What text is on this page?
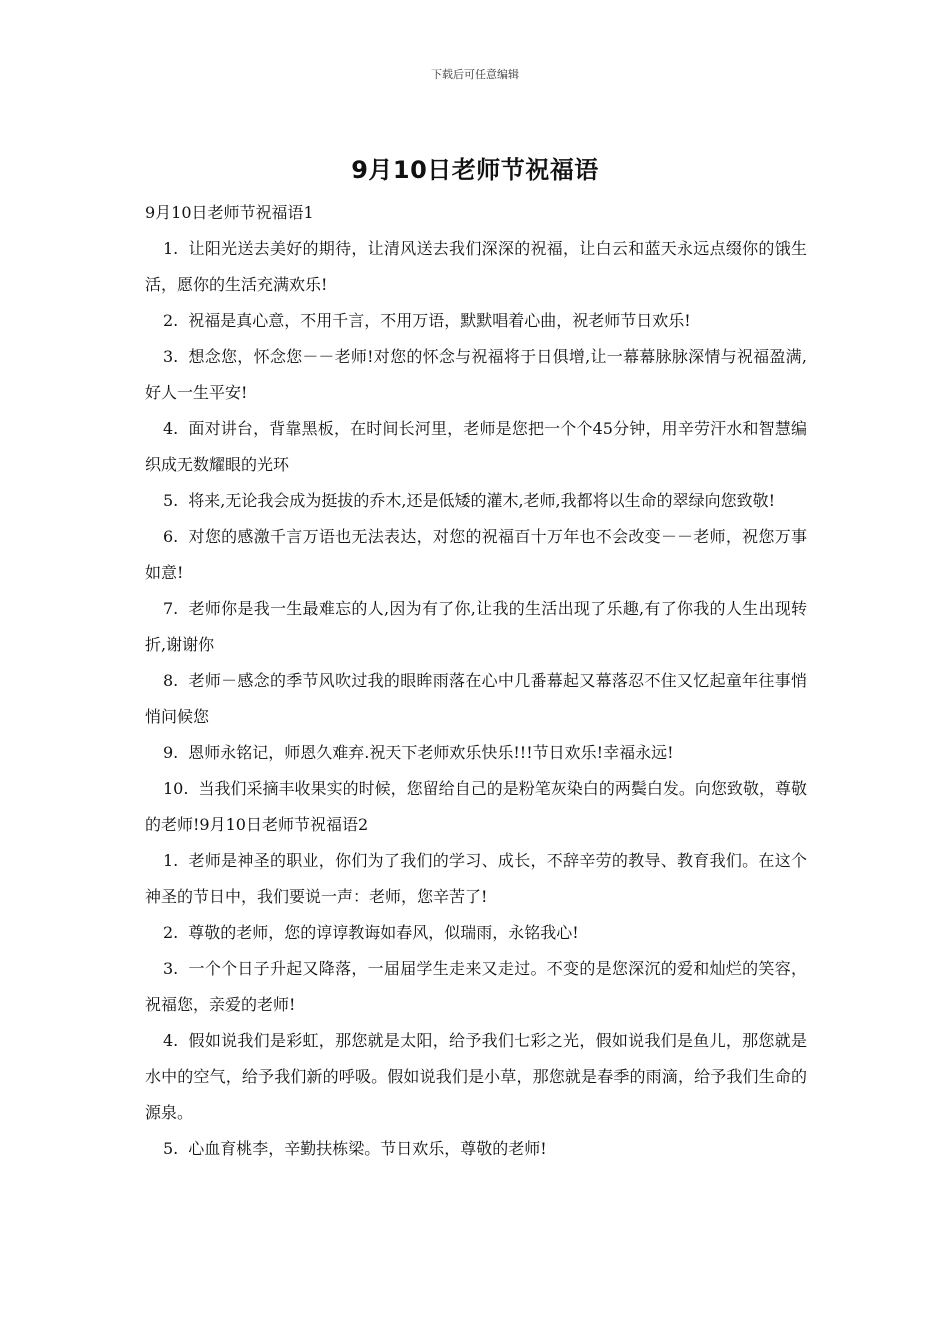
下载后可任意编辑
9月10日老师节祝福语

9月10日老师节祝福语1

1. 让阳光送去美好的期待，让清风送去我们深深的祝福，让白云和蓝天永远点缀你的饿生活，愿你的生活充满欢乐!

2. 祝福是真心意，不用千言，不用万语，默默唱着心曲，祝老师节日欢乐!

3. 想念您，怀念您－－老师!对您的怀念与祝福将于日俱增,让一幕幕脉脉深情与祝福盈满,好人一生平安!

4. 面对讲台，背靠黑板，在时间长河里，老师是您把一个个45分钟，用辛劳汗水和智慧编织成无数耀眼的光环

5. 将来,无论我会成为挺拔的乔木,还是低矮的灌木,老师,我都将以生命的翠绿向您致敬!

6. 对您的感激千言万语也无法表达，对您的祝福百十万年也不会改变－－老师，祝您万事如意!

7. 老师你是我一生最难忘的人,因为有了你,让我的生活出现了乐趣,有了你我的人生出现转折,谢谢你

8. 老师－感念的季节风吹过我的眼眸雨落在心中几番幕起又幕落忍不住又忆起童年往事悄悄问候您

9. 恩师永铭记，师恩久难弃.祝天下老师欢乐快乐!!!节日欢乐!幸福永远!

10. 当我们采摘丰收果实的时候，您留给自己的是粉笔灰染白的两鬓白发。向您致敬，尊敬的老师!9月10日老师节祝福语2

1. 老师是神圣的职业，你们为了我们的学习、成长，不辞辛劳的教导、教育我们。在这个神圣的节日中，我们要说一声：老师，您辛苦了!

2. 尊敬的老师，您的谆谆教诲如春风，似瑞雨，永铭我心!

3. 一个个日子升起又降落，一届届学生走来又走过。不变的是您深沉的爱和灿烂的笑容，祝福您，亲爱的老师!

4. 假如说我们是彩虹，那您就是太阳，给予我们七彩之光，假如说我们是鱼儿，那您就是水中的空气，给予我们新的呼吸。假如说我们是小草，那您就是春季的雨滴，给予我们生命的源泉。

5. 心血育桃李，辛勤扶栋梁。节日欢乐，尊敬的老师!
